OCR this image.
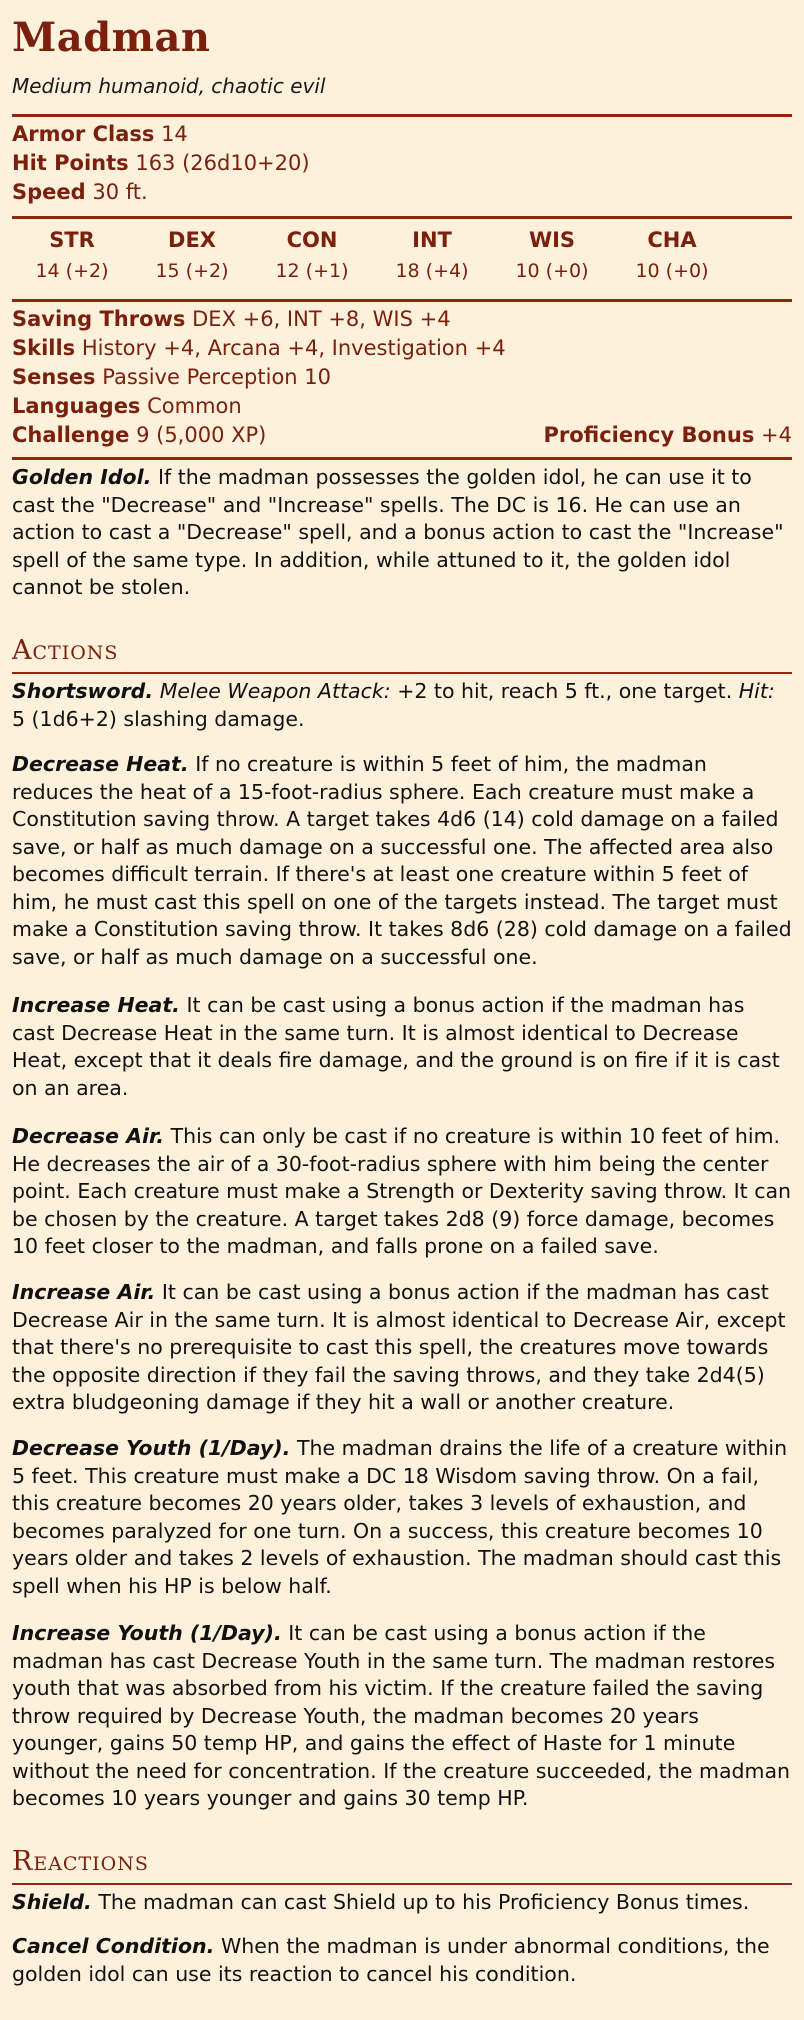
Madman
Medium humanoid, chaotic evil
Armor Class 14
Hit Points 163 (26d10+20)
Speed 30 ft.
STR	DEX	CON	INT	WIS	CHA
14 (+2)	15 (+2)	12 (+1)	18 (+4)	10 (+0)	10 (+0)
Saving Throws DEX +6, INT +8, WIS +4
Skills History +4, Arcana +4, Investigation +4
Senses Passive Perception 10
Languages Common
Challenge 9 (5,000 XP)	Proficiency Bonus +4
Golden Idol. If the madman possesses the golden idol, he can use it to cast the "Decrease" and "Increase" spells. The DC is 16. He can use an action to cast a "Decrease" spell, and a bonus action to cast the "Increase" spell of the same type. In addition, while attuned to it, the golden idol cannot be stolen.
Actions
Shortsword. Melee Weapon Attack: +2 to hit, reach 5 ft., one target. Hit: 5 (1d6+2) slashing damage.
Decrease Heat. If no creature is within 5 feet of him, the madman reduces the heat of a 15-foot-radius sphere. Each creature must make a Constitution saving throw. A target takes 4d6 (14) cold damage on a failed save, or half as much damage on a successful one. The affected area also becomes difficult terrain. If there's at least one creature within 5 feet of him, he must cast this spell on one of the targets instead. The target must make a Constitution saving throw. It takes 8d6 (28) cold damage on a failed save, or half as much damage on a successful one.
Increase Heat. It can be cast using a bonus action if the madman has cast Decrease Heat in the same turn. It is almost identical to Decrease Heat, except that it deals fire damage, and the ground is on fire if it is cast on an area.
Decrease Air. This can only be cast if no creature is within 10 feet of him. He decreases the air of a 30-foot-radius sphere with him being the center point. Each creature must make a Strength or Dexterity saving throw. It can be chosen by the creature. A target takes 2d8 (9) force damage, becomes 10 feet closer to the madman, and falls prone on a failed save.
Increase Air. It can be cast using a bonus action if the madman has cast Decrease Air in the same turn. It is almost identical to Decrease Air, except that there's no prerequisite to cast this spell, the creatures move towards the opposite direction if they fail the saving throws, and they take 2d4(5) extra bludgeoning damage if they hit a wall or another creature.
Decrease Youth (1/Day). The madman drains the life of a creature within 5 feet. This creature must make a DC 18 Wisdom saving throw. On a fail, this creature becomes 20 years older, takes 3 levels of exhaustion, and becomes paralyzed for one turn. On a success, this creature becomes 10 years older and takes 2 levels of exhaustion. The madman should cast this spell when his HP is below half.
Increase Youth (1/Day). It can be cast using a bonus action if the madman has cast Decrease Youth in the same turn. The madman restores youth that was absorbed from his victim. If the creature failed the saving throw required by Decrease Youth, the madman becomes 20 years younger, gains 50 temp HP, and gains the effect of Haste for 1 minute without the need for concentration. If the creature succeeded, the madman becomes 10 years younger and gains 30 temp HP.
Reactions
Shield. The madman can cast Shield up to his Proficiency Bonus times.
Cancel Condition. When the madman is under abnormal conditions, the golden idol can use its reaction to cancel his condition.
